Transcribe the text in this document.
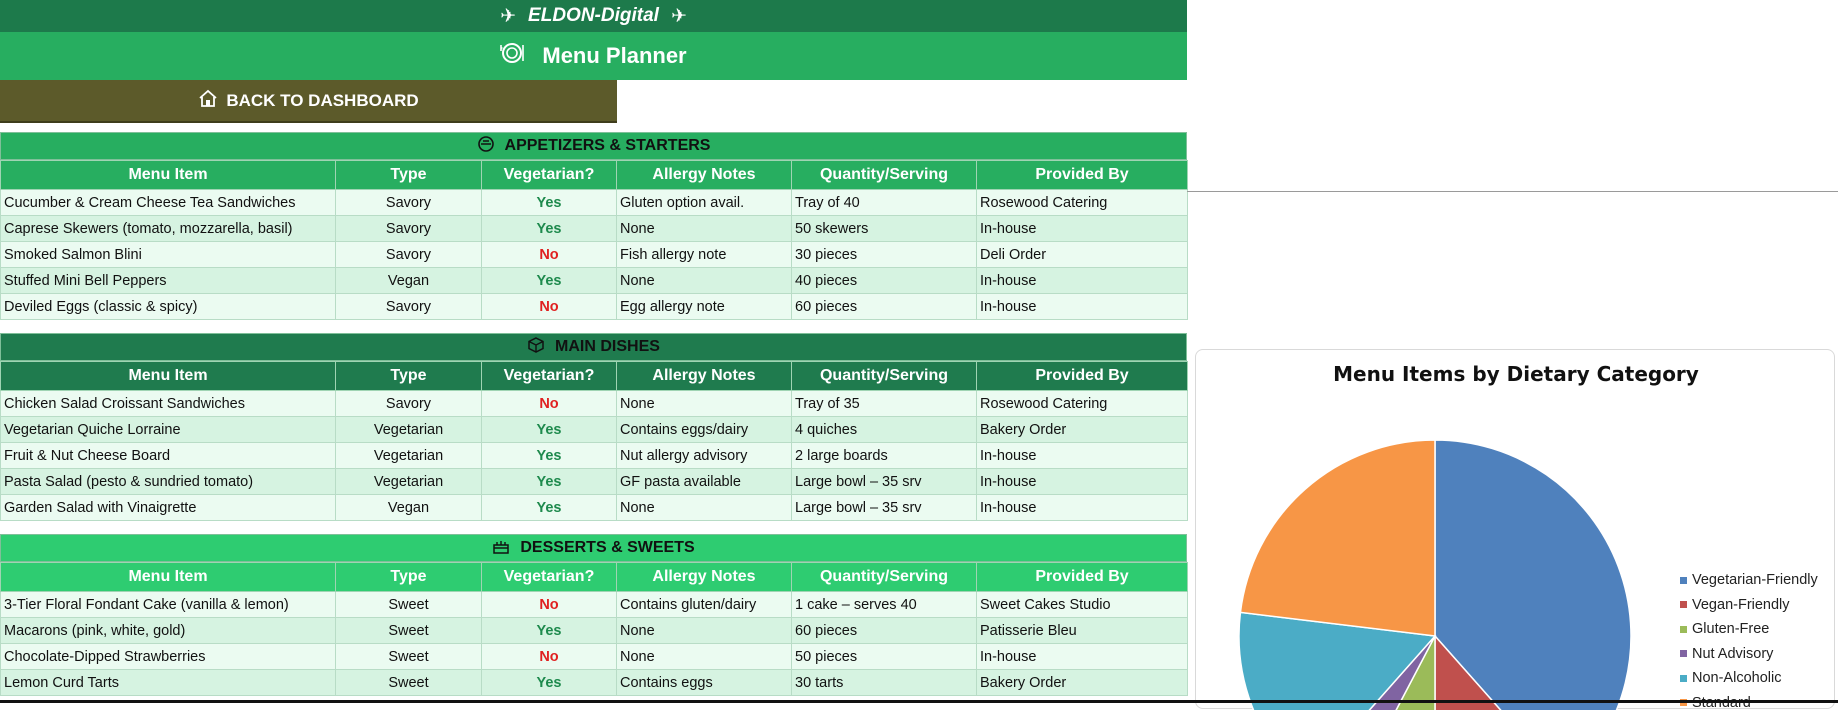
✈ ELDON-Digital ✈
Menu Planner
BACK TO DASHBOARD
APPETIZERS & STARTERS
Menu Item	Type	Vegetarian?	Allergy Notes	Quantity/Serving	Provided By
Cucumber & Cream Cheese Tea Sandwiches	Savory	Yes	Gluten option avail.	Tray of 40	Rosewood Catering
Caprese Skewers (tomato, mozzarella, basil)	Savory	Yes	None	50 skewers	In-house
Smoked Salmon Blini	Savory	No	Fish allergy note	30 pieces	Deli Order
Stuffed Mini Bell Peppers	Vegan	Yes	None	40 pieces	In-house
Deviled Eggs (classic & spicy)	Savory	No	Egg allergy note	60 pieces	In-house
MAIN DISHES
Menu Item	Type	Vegetarian?	Allergy Notes	Quantity/Serving	Provided By
Chicken Salad Croissant Sandwiches	Savory	No	None	Tray of 35	Rosewood Catering
Vegetarian Quiche Lorraine	Vegetarian	Yes	Contains eggs/dairy	4 quiches	Bakery Order
Fruit & Nut Cheese Board	Vegetarian	Yes	Nut allergy advisory	2 large boards	In-house
Pasta Salad (pesto & sundried tomato)	Vegetarian	Yes	GF pasta available	Large bowl – 35 srv	In-house
Garden Salad with Vinaigrette	Vegan	Yes	None	Large bowl – 35 srv	In-house
DESSERTS & SWEETS
Menu Item	Type	Vegetarian?	Allergy Notes	Quantity/Serving	Provided By
3-Tier Floral Fondant Cake (vanilla & lemon)	Sweet	No	Contains gluten/dairy	1 cake – serves 40	Sweet Cakes Studio
Macarons (pink, white, gold)	Sweet	Yes	None	60 pieces	Patisserie Bleu
Chocolate-Dipped Strawberries	Sweet	No	None	50 pieces	In-house
Lemon Curd Tarts	Sweet	Yes	Contains eggs	30 tarts	Bakery Order
Menu Items by Dietary Category
Vegetarian-Friendly
Vegan-Friendly
Gluten-Free
Nut Advisory
Non-Alcoholic
